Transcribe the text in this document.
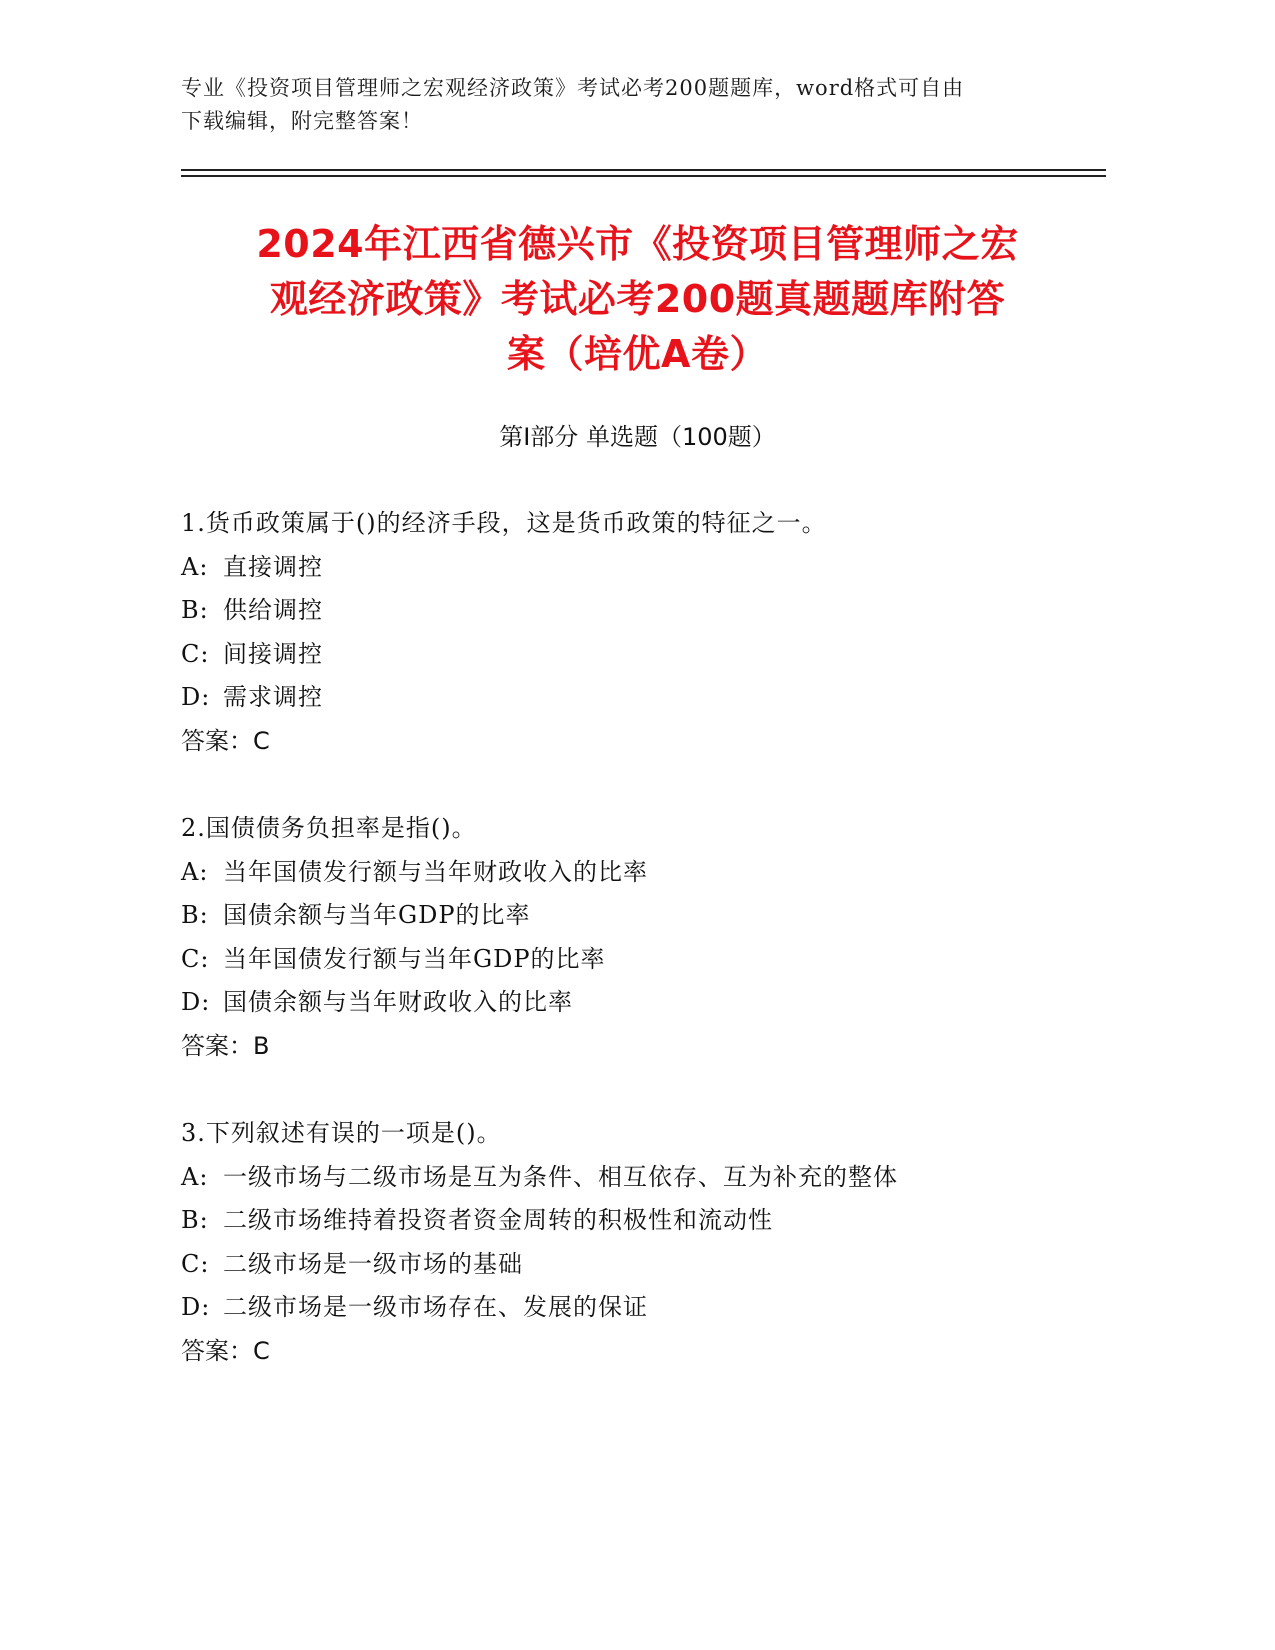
专业《投资项目管理师之宏观经济政策》考试必考200题题库，word格式可自由
下载编辑，附完整答案！
2024年江西省德兴市《投资项目管理师之宏
观经济政策》考试必考200题真题题库附答
案（培优A卷）
第Ⅰ部分 单选题（100题）
1.货币政策属于()的经济手段，这是货币政策的特征之一。
A: 直接调控
B: 供给调控
C: 间接调控
D: 需求调控
答案：C
2.国债债务负担率是指()。
A: 当年国债发行额与当年财政收入的比率
B: 国债余额与当年GDP的比率
C: 当年国债发行额与当年GDP的比率
D: 国债余额与当年财政收入的比率
答案：B
3.下列叙述有误的一项是()。
A: 一级市场与二级市场是互为条件、相互依存、互为补充的整体
B: 二级市场维持着投资者资金周转的积极性和流动性
C: 二级市场是一级市场的基础
D: 二级市场是一级市场存在、发展的保证
答案：C
